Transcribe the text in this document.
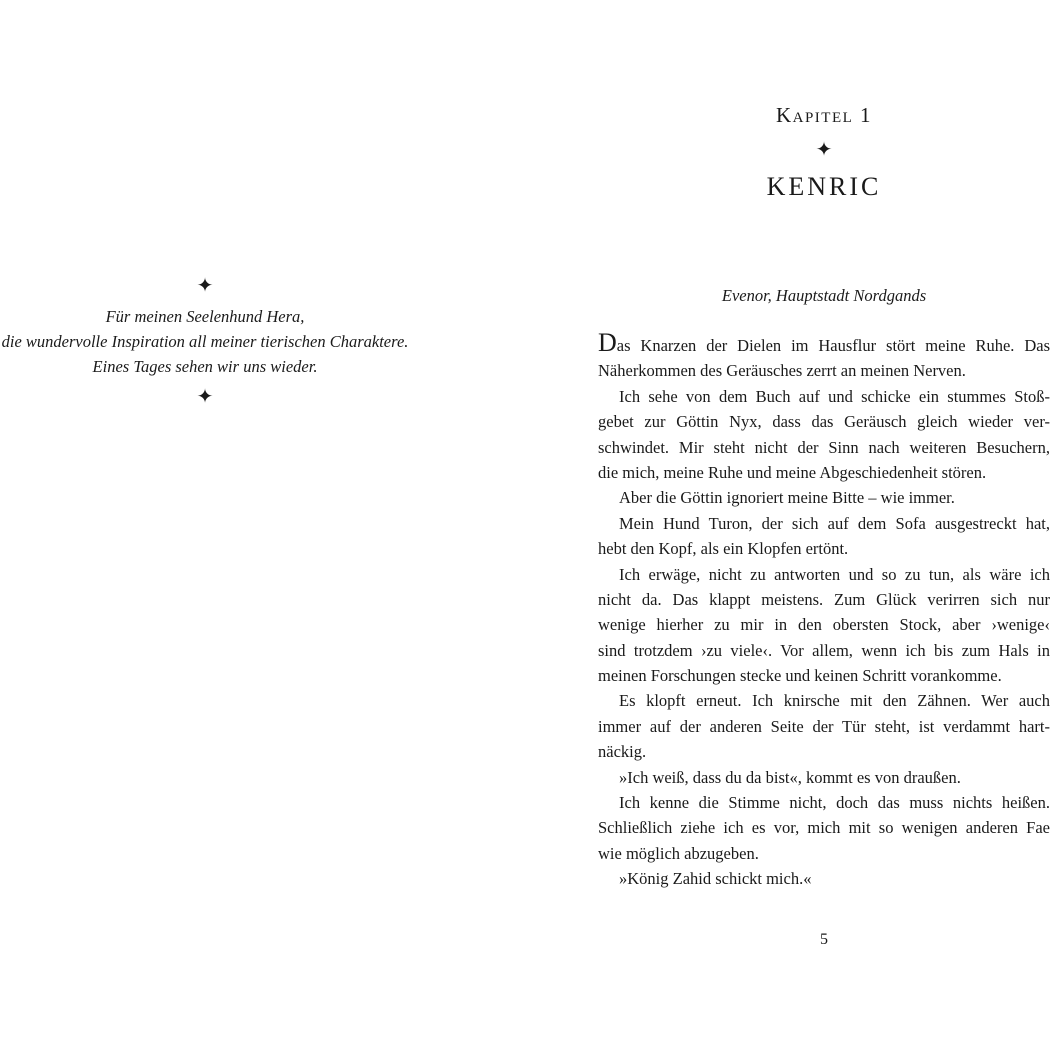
✦
Für meinen Seelenhund Hera,
die wundervolle Inspiration all meiner tierischen Charaktere.
Eines Tages sehen wir uns wieder.
✦
Kapitel 1
✦
KENRIC
Evenor, Hauptstadt Nordgands
Das Knarzen der Dielen im Hausflur stört meine Ruhe. Das
Näherkommen des Geräusches zerrt an meinen Nerven.
Ich sehe von dem Buch auf und schicke ein stummes Stoß-
gebet zur Göttin Nyx, dass das Geräusch gleich wieder ver-
schwindet. Mir steht nicht der Sinn nach weiteren Besuchern,
die mich, meine Ruhe und meine Abgeschiedenheit stören.
Aber die Göttin ignoriert meine Bitte – wie immer.
Mein Hund Turon, der sich auf dem Sofa ausgestreckt hat,
hebt den Kopf, als ein Klopfen ertönt.
Ich erwäge, nicht zu antworten und so zu tun, als wäre ich
nicht da. Das klappt meistens. Zum Glück verirren sich nur
wenige hierher zu mir in den obersten Stock, aber ›wenige‹
sind trotzdem ›zu viele‹. Vor allem, wenn ich bis zum Hals in
meinen Forschungen stecke und keinen Schritt vorankomme.
Es klopft erneut. Ich knirsche mit den Zähnen. Wer auch
immer auf der anderen Seite der Tür steht, ist verdammt hart-
näckig.
»Ich weiß, dass du da bist«, kommt es von draußen.
Ich kenne die Stimme nicht, doch das muss nichts heißen.
Schließlich ziehe ich es vor, mich mit so wenigen anderen Fae
wie möglich abzugeben.
»König Zahid schickt mich.«
5
